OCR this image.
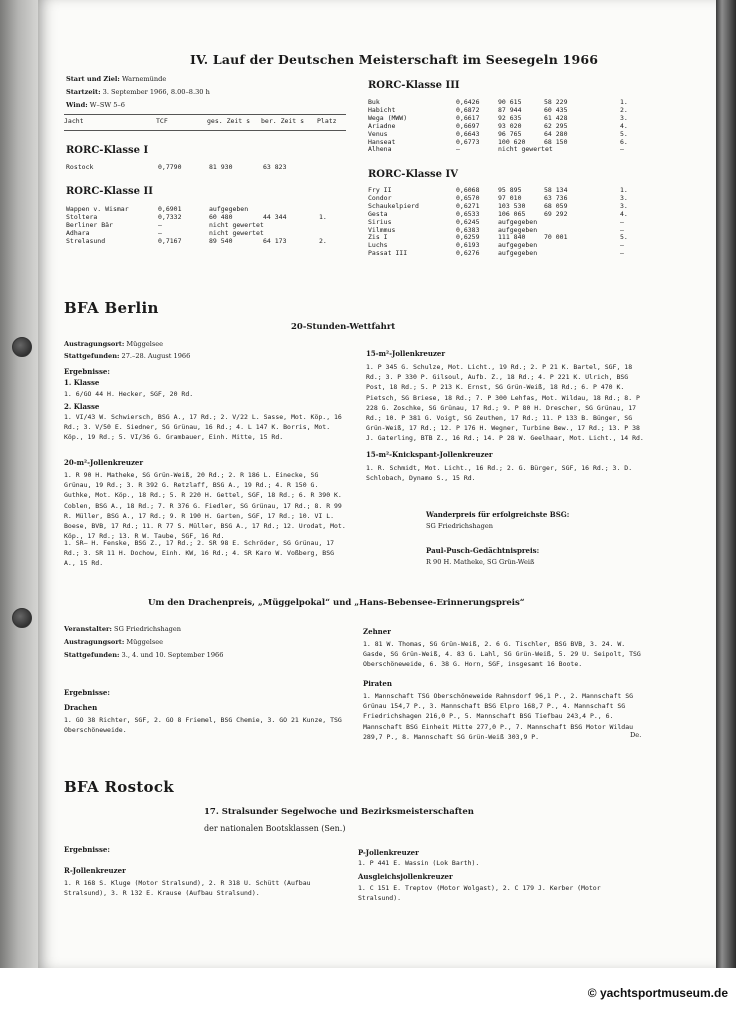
© yachtsportmuseum.de
IV. Lauf der Deutschen Meisterschaft im Seesegeln 1966
Start und Ziel: Warnemünde
Startzeit: 3. September 1966, 8.00–8.30 h
Wind: W–SW 5–6
Jacht	TCF	ges. Zeit s	ber. Zeit s	Platz
RORC-Klasse I
Rostock	0,7790	81 930	63 823
RORC-Klasse II
Wappen v. Wismar	0,6901	aufgegeben
Stoltera	0,7332	60 480	44 344	1.
Berliner Bär	—	nicht gewertet
Adhara	—	nicht gewertet
Strelasund	0,7167	89 540	64 173	2.
RORC-Klasse III
Buk	0,6426	90 615	58 229	1.
Habicht	0,6872	87 944	60 435	2.
Wega (MWW)	0,6617	92 635	61 428	3.
Ariadne	0,6697	93 020	62 295	4.
Venus	0,6643	96 765	64 280	5.
Hanseat	0,6773	100 620	68 150	6.
Alhena	—	nicht gewertet	—
RORC-Klasse IV
Fry II	0,6068	95 895	58 134	1.
Condor	0,6570	97 010	63 736	3.
Schaukelpierd	0,6271	103 530	68 059	3.
Gesta	0,6533	106 065	69 292	4.
Sirius	0,6245	aufgegeben	—
Vilmmus	0,6383	aufgegeben	—
Zis I	0,6259	111 840	70 001	5.
Luchs	0,6193	aufgegeben	—
Passat III	0,6276	aufgegeben	—
BFA Berlin
20-Stunden-Wettfahrt
Austragungsort: Müggelsee
Stattgefunden: 27.–28. August 1966
Ergebnisse:
1. Klasse
1. 6/GO 44 H. Hecker, SGF, 20 Rd.
2. Klasse
1. VI/43 W. Schwiersch, BSG A., 17 Rd.; 2. V/22 L. Sasse, Mot. Köp., 16 Rd.; 3. V/50 E. Siedner, SG Grünau, 16 Rd.; 4. L 147 K. Borris, Mot. Köp., 19 Rd.; 5. VI/36 G. Grambauer, Einh. Mitte, 15 Rd.
20-m²-Jollenkreuzer
1. R 90 H. Matheke, SG Grün-Weiß, 20 Rd.; 2. R 186 L. Einecke, SG Grünau, 19 Rd.; 3. R 392 G. Retzlaff, BSG A., 19 Rd.; 4. R 150 G. Guthke, Mot. Köp., 18 Rd.; 5. R 220 H. Gettel, SGF, 18 Rd.; 6. R 390 K. Coblen, BSG A., 18 Rd.; 7. R 376 G. Fiedler, SG Grünau, 17 Rd.; 8. R 99 R. Müller, BSG A., 17 Rd.; 9. R 190 H. Garten, SGF, 17 Rd.; 10. VI L. Boese, BVB, 17 Rd.; 11. R 77 S. Müller, BSG A., 17 Rd.; 12. Urodat, Mot. Köp., 17 Rd.; 13. R W. Taube, SGF, 16 Rd.
1. SR– H. Fenske, BSG Z., 17 Rd.; 2. SR 98 E. Schröder, SG Grünau, 17 Rd.; 3. SR 11 H. Dochow, Einh. KW, 16 Rd.; 4. SR Karo W. Voßberg, BSG A., 15 Rd.
15-m²-Jollenkreuzer
1. P 345 G. Schulze, Mot. Licht., 19 Rd.; 2. P 21 K. Bartel, SGF, 18 Rd.; 3. P 330 P. Gilsoul, Aufb. Z., 18 Rd.; 4. P 221 K. Ulrich, BSG Post, 18 Rd.; 5. P 213 K. Ernst, SG Grün-Weiß, 18 Rd.; 6. P 470 K. Pietsch, SG Briese, 18 Rd.; 7. P 300 Lehfas, Mot. Wildau, 18 Rd.; 8. P 228 G. Zoschke, SG Grünau, 17 Rd.; 9. P 80 H. Drescher, SG Grünau, 17 Rd.; 10. P 381 G. Voigt, SG Zeuthen, 17 Rd.; 11. P 133 B. Bünger, SG Grün-Weiß, 17 Rd.; 12. P 176 H. Wegner, Turbine Bew., 17 Rd.; 13. P 38 J. Gaterling, BTB Z., 16 Rd.; 14. P 28 W. Geelhaar, Mot. Licht., 14 Rd.
15-m²-Knickspant-Jollenkreuzer
1. R. Schmidt, Mot. Licht., 16 Rd.; 2. G. Bürger, SGF, 16 Rd.; 3. D. Schlobach, Dynamo S., 15 Rd.
Wanderpreis für erfolgreichste BSG:
SG Friedrichshagen
Paul-Pusch-Gedächtnispreis:
R 90 H. Matheke, SG Grün-Weiß
Um den Drachenpreis, „Müggelpokal“ und „Hans-Bebensee-Erinnerungspreis“
Veranstalter: SG Friedrichshagen
Austragungsort: Müggelsee
Stattgefunden: 3., 4. und 10. September 1966
Ergebnisse:
Drachen
1. GO 38 Richter, SGF, 2. GO 8 Friemel, BSG Chemie, 3. GO 21 Kunze, TSG Oberschöneweide.
Zehner
1. 81 W. Thomas, SG Grün-Weiß, 2. 6 G. Tischler, BSG BVB, 3. 24. W. Gasde, SG Grün-Weiß, 4. 83 G. Lahl, SG Grün-Weiß, 5. 29 U. Seipolt, TSG Oberschöneweide, 6. 38 G. Horn, SGF, insgesamt 16 Boote.
Piraten
1. Mannschaft TSG Oberschöneweide Rahnsdorf 96,1 P., 2. Mannschaft SG Grünau 154,7 P., 3. Mannschaft BSG Elpro 168,7 P., 4. Mannschaft SG Friedrichshagen 216,0 P., 5. Mannschaft BSG Tiefbau 243,4 P., 6. Mannschaft BSG Einheit Mitte 277,0 P., 7. Mannschaft BSG Motor Wildau 289,7 P., 8. Mannschaft SG Grün-Weiß 303,9 P.	De.
BFA Rostock
17. Stralsunder Segelwoche und Bezirksmeisterschaften
der nationalen Bootsklassen (Sen.)
Ergebnisse:
R-Jollenkreuzer
1. R 168 S. Kluge (Motor Stralsund), 2. R 318 U. Schütt (Aufbau Stralsund), 3. R 132 E. Krause (Aufbau Stralsund).
P-Jollenkreuzer
1. P 441 E. Wassin (Lok Barth).
Ausgleichsjollenkreuzer
1. C 151 E. Treptov (Motor Wolgast), 2. C 179 J. Kerber (Motor Stralsund).
